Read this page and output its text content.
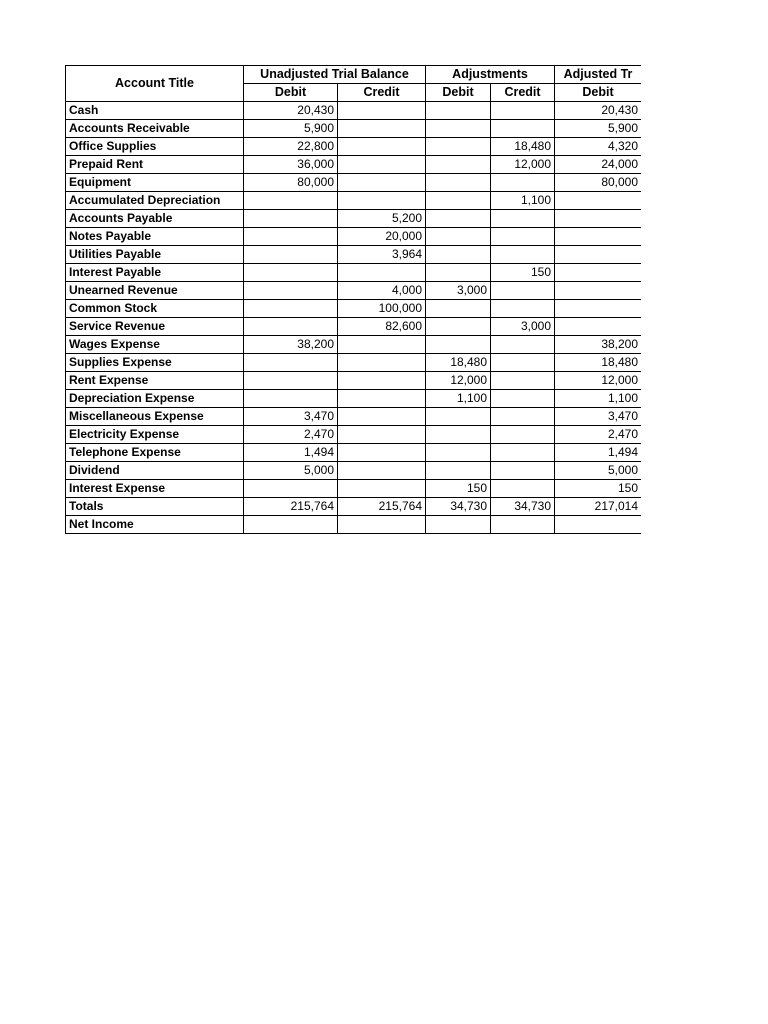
Account Title	Unadjusted Trial Balance		Adjustments		Adjusted Tr
	Debit	Credit	Debit	Credit	Debit
Cash	20,430				20,430
Accounts Receivable	5,900				5,900
Office Supplies	22,800			18,480	4,320
Prepaid Rent	36,000			12,000	24,000
Equipment	80,000				80,000
Accumulated Depreciation				1,100	
Accounts Payable		5,200			
Notes Payable		20,000			
Utilities Payable		3,964			
Interest Payable				150	
Unearned Revenue		4,000	3,000		
Common Stock		100,000			
Service Revenue		82,600		3,000	
Wages Expense	38,200				38,200
Supplies Expense			18,480		18,480
Rent Expense			12,000		12,000
Depreciation Expense			1,100		1,100
Miscellaneous Expense	3,470				3,470
Electricity Expense	2,470				2,470
Telephone Expense	1,494				1,494
Dividend	5,000				5,000
Interest Expense			150		150
Totals	215,764	215,764	34,730	34,730	217,014
Net Income					
